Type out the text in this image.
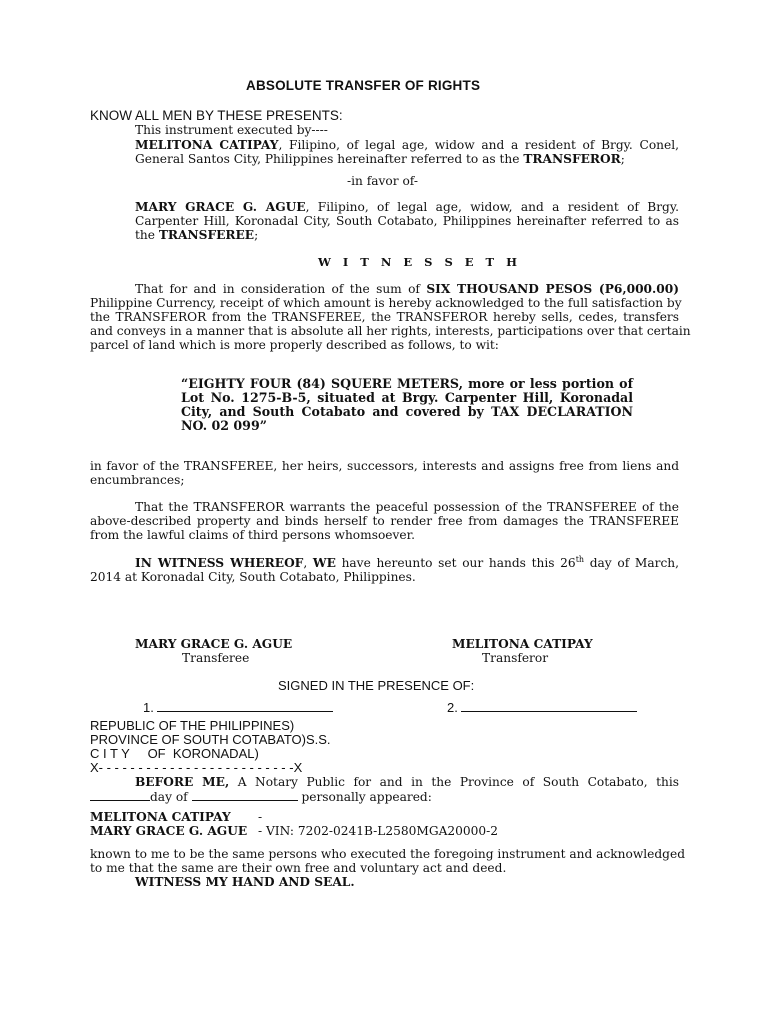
ABSOLUTE TRANSFER OF RIGHTS
KNOW ALL MEN BY THESE PRESENTS:
This instrument executed by----
MELITONA CATIPAY, Filipino, of legal age, widow and a resident of Brgy. Conel,
General Santos City, Philippines hereinafter referred to as the TRANSFEROR;
-in favor of-
MARY GRACE G. AGUE, Filipino, of legal age, widow, and a resident of Brgy.
Carpenter Hill, Koronadal City, South Cotabato, Philippines hereinafter referred to as
the TRANSFEREE;
W I T N E S S E T H
That for and in consideration of the sum of SIX THOUSAND PESOS (P6,000.00)
Philippine Currency, receipt of which amount is hereby acknowledged to the full satisfaction by
the TRANSFEROR from the TRANSFEREE, the TRANSFEROR hereby sells, cedes, transfers
and conveys in a manner that is absolute all her rights, interests, participations over that certain
parcel of land which is more properly described as follows, to wit:
“EIGHTY FOUR (84) SQUERE METERS, more or less portion of
Lot No. 1275-B-5, situated at Brgy. Carpenter Hill, Koronadal
City, and South Cotabato and covered by TAX DECLARATION
NO. 02 099”
in favor of the TRANSFEREE, her heirs, successors, interests and assigns free from liens and
encumbrances;
That the TRANSFEROR warrants the peaceful possession of the TRANSFEREE of the
above-described property and binds herself to render free from damages the TRANSFEREE
from the lawful claims of third persons whomsoever.
IN WITNESS WHEREOF, WE have hereunto set our hands this 26th day of March,
2014 at Koronadal City, South Cotabato, Philippines.
MARY GRACE G. AGUE
Transferee
MELITONA CATIPAY
Transferor
SIGNED IN THE PRESENCE OF:
1.	2.
REPUBLIC OF THE PHILIPPINES)
PROVINCE OF SOUTH COTABATO)S.S.
C I T Y     OF  KORONADAL)
X- - - - - - - - - - - - - - - - - - - - - - - - -X
BEFORE ME, A Notary Public for and in the Province of South Cotabato, this
day of	personally appeared:
MELITONA CATIPAY -
MARY GRACE G. AGUE - VIN: 7202-0241B-L2580MGA20000-2
known to me to be the same persons who executed the foregoing instrument and acknowledged
to me that the same are their own free and voluntary act and deed.
WITNESS MY HAND AND SEAL.
